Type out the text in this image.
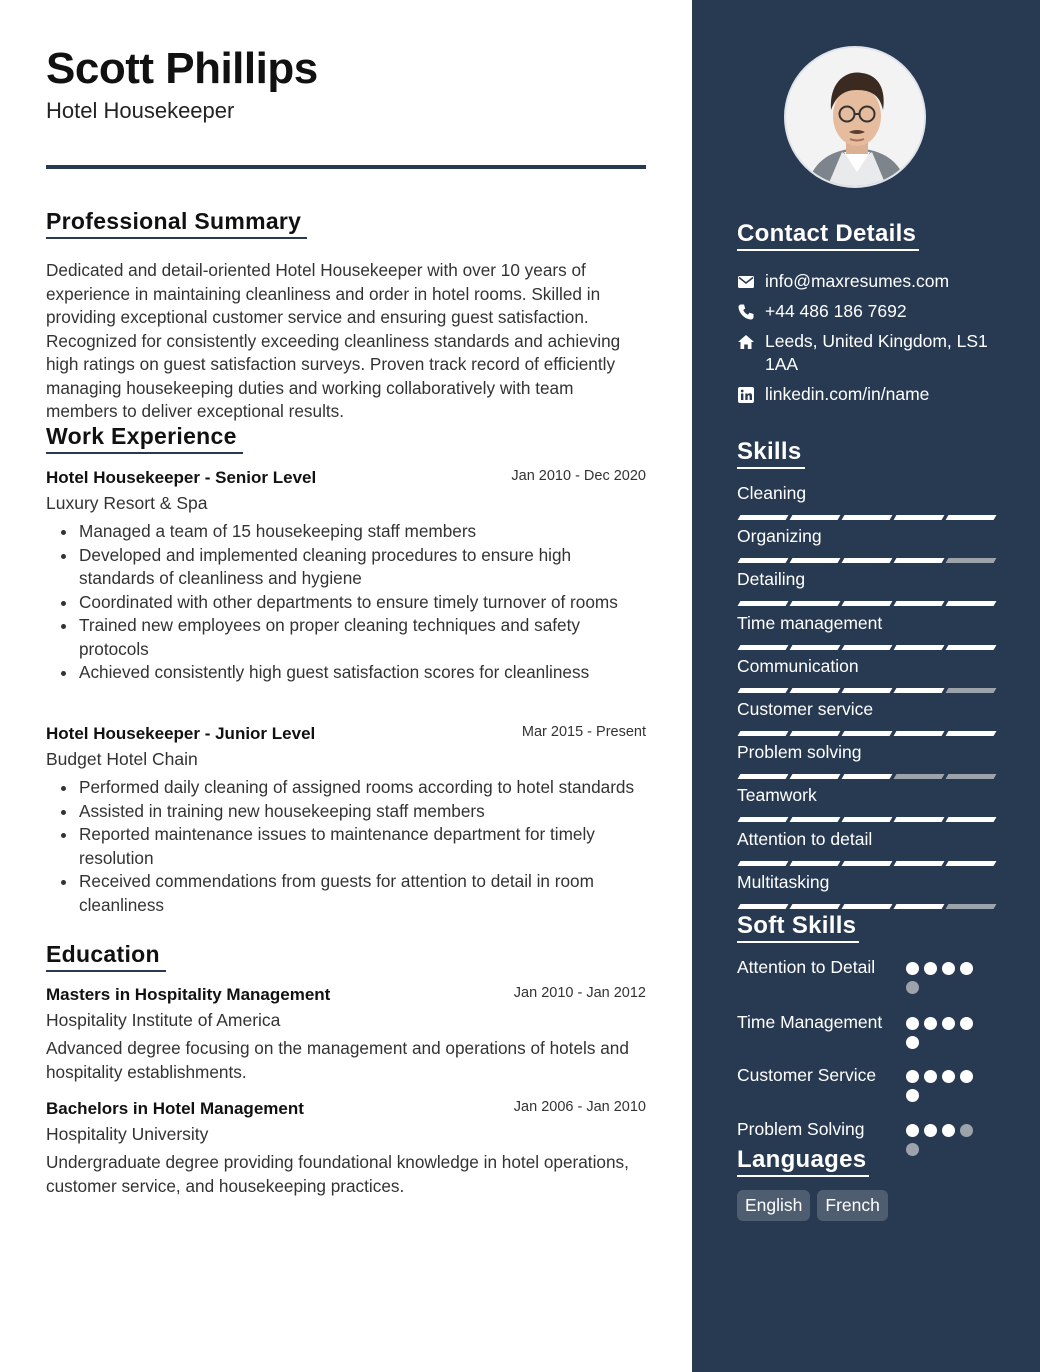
Scott Phillips
Hotel Housekeeper
Professional Summary
Dedicated and detail-oriented Hotel Housekeeper with over 10 years of experience in maintaining cleanliness and order in hotel rooms. Skilled in providing exceptional customer service and ensuring guest satisfaction. Recognized for consistently exceeding cleanliness standards and achieving high ratings on guest satisfaction surveys. Proven track record of efficiently managing housekeeping duties and working collaboratively with team members to deliver exceptional results.
Work Experience
Hotel Housekeeper - Senior Level	Jan 2010 - Dec 2020
Luxury Resort & Spa
Managed a team of 15 housekeeping staff members
Developed and implemented cleaning procedures to ensure high standards of cleanliness and hygiene
Coordinated with other departments to ensure timely turnover of rooms
Trained new employees on proper cleaning techniques and safety protocols
Achieved consistently high guest satisfaction scores for cleanliness
Hotel Housekeeper - Junior Level	Mar 2015 - Present
Budget Hotel Chain
Performed daily cleaning of assigned rooms according to hotel standards
Assisted in training new housekeeping staff members
Reported maintenance issues to maintenance department for timely resolution
Received commendations from guests for attention to detail in room cleanliness
Education
Masters in Hospitality Management	Jan 2010 - Jan 2012
Hospitality Institute of America
Advanced degree focusing on the management and operations of hotels and hospitality establishments.
Bachelors in Hotel Management	Jan 2006 - Jan 2010
Hospitality University
Undergraduate degree providing foundational knowledge in hotel operations, customer service, and housekeeping practices.
Contact Details
info@maxresumes.com
+44 486 186 7692
Leeds, United Kingdom, LS1 1AA
linkedin.com/in/name
Skills
Cleaning
Organizing
Detailing
Time management
Communication
Customer service
Problem solving
Teamwork
Attention to detail
Multitasking
Soft Skills
Attention to Detail
Time Management
Customer Service
Problem Solving
Languages
English	French
